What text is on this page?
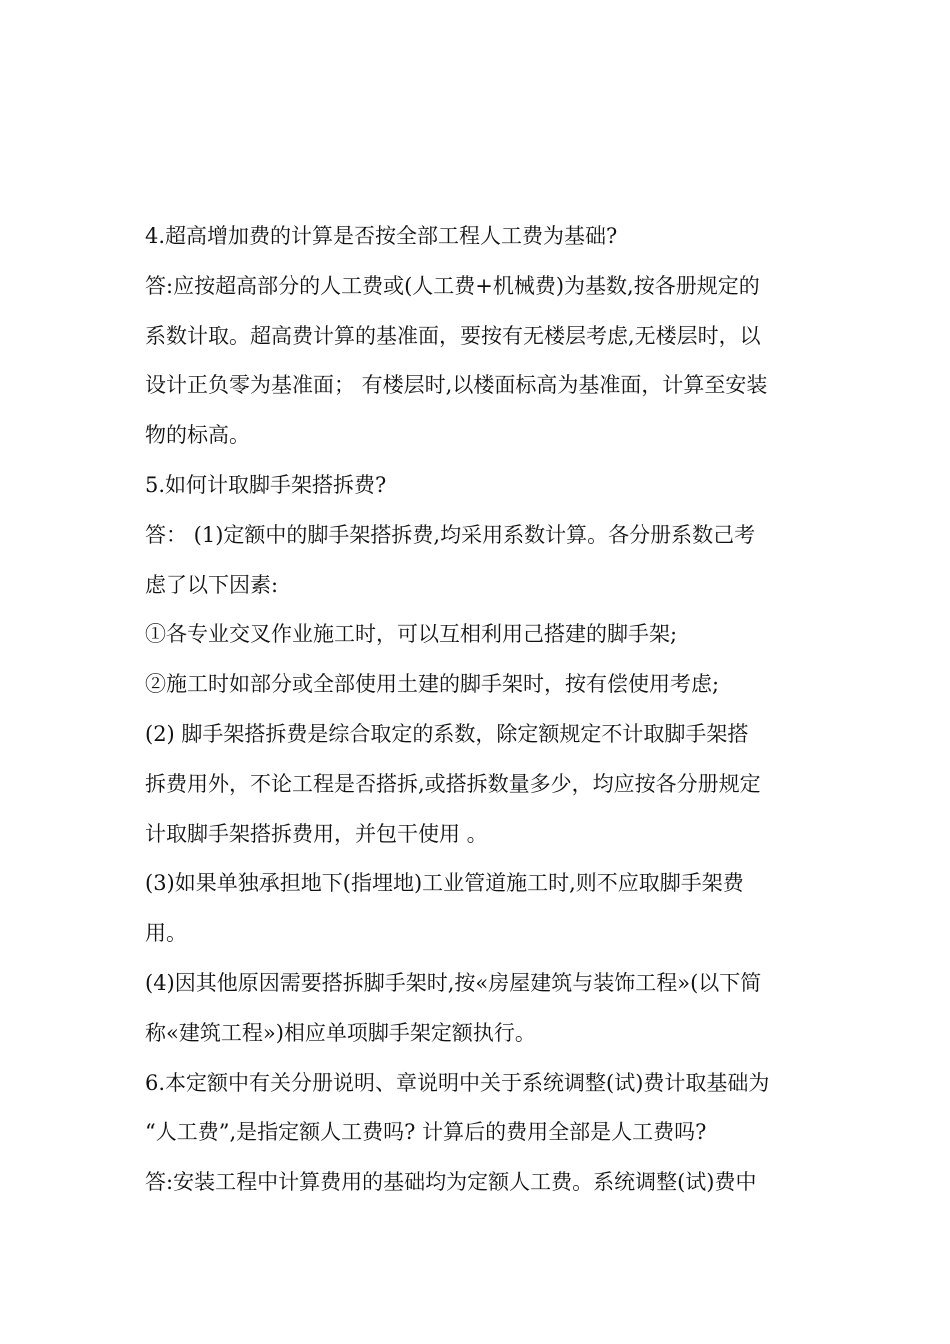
4.超高增加费的计算是否按全部工程人工费为基础?
答:应按超高部分的人工费或(人工费+机械费)为基数,按各册规定的
系数计取。超高费计算的基准面，要按有无楼层考虑,无楼层时，以
设计正负零为基准面； 有楼层时,以楼面标高为基准面，计算至安装
物的标高。
5.如何计取脚手架搭拆费?
答： (1)定额中的脚手架搭拆费,均采用系数计算。各分册系数己考
虑了以下因素:
①各专业交叉作业施工时，可以互相利用己搭建的脚手架;
②施工时如部分或全部使用土建的脚手架时，按有偿使用考虑;
(2) 脚手架搭拆费是综合取定的系数，除定额规定不计取脚手架搭
拆费用外，不论工程是否搭拆,或搭拆数量多少，均应按各分册规定
计取脚手架搭拆费用，并包干使用 。
(3)如果单独承担地下(指埋地)工业管道施工时,则不应取脚手架费
用。
(4)因其他原因需要搭拆脚手架时,按«房屋建筑与装饰工程»(以下简
称«建筑工程»)相应单项脚手架定额执行。
6.本定额中有关分册说明、章说明中关于系统调整(试)费计取基础为
“人工费”,是指定额人工费吗? 计算后的费用全部是人工费吗?
答:安装工程中计算费用的基础均为定额人工费。系统调整(试)费中
